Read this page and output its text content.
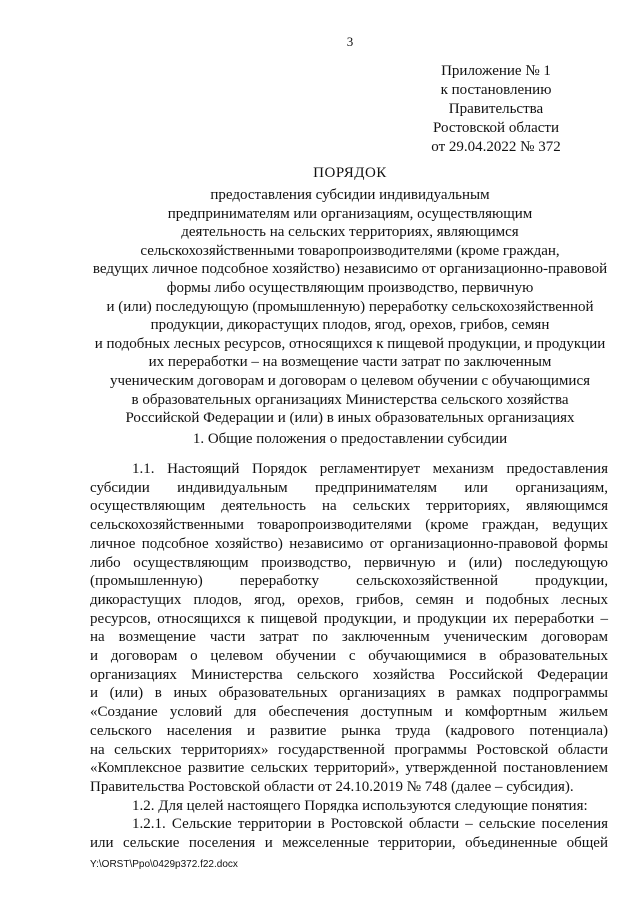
3
Приложение № 1
к постановлению
Правительства
Ростовской области
от 29.04.2022 № 372
ПОРЯДОК
предоставления субсидии индивидуальным
предпринимателям или организациям, осуществляющим
деятельность на сельских территориях, являющимся
сельскохозяйственными товаропроизводителями (кроме граждан,
ведущих личное подсобное хозяйство) независимо от организационно-правовой
формы либо осуществляющим производство, первичную
и (или) последующую (промышленную) переработку сельскохозяйственной
продукции, дикорастущих плодов, ягод, орехов, грибов, семян
и подобных лесных ресурсов, относящихся к пищевой продукции, и продукции
их переработки – на возмещение части затрат по заключенным
ученическим договорам и договорам о целевом обучении с обучающимися
в образовательных организациях Министерства сельского хозяйства
Российской Федерации и (или) в иных образовательных организациях
1. Общие положения о предоставлении субсидии
1.1. Настоящий Порядок регламентирует механизм предоставления
субсидии индивидуальным предпринимателям или организациям,
осуществляющим деятельность на сельских территориях, являющимся
сельскохозяйственными товаропроизводителями (кроме граждан, ведущих
личное подсобное хозяйство) независимо от организационно-правовой формы
либо осуществляющим производство, первичную и (или) последующую
(промышленную) переработку сельскохозяйственной продукции,
дикорастущих плодов, ягод, орехов, грибов, семян и подобных лесных
ресурсов, относящихся к пищевой продукции, и продукции их переработки –
на возмещение части затрат по заключенным ученическим договорам
и договорам о целевом обучении с обучающимися в образовательных
организациях Министерства сельского хозяйства Российской Федерации
и (или) в иных образовательных организациях в рамках подпрограммы
«Создание условий для обеспечения доступным и комфортным жильем
сельского населения и развитие рынка труда (кадрового потенциала)
на сельских территориях» государственной программы Ростовской области
«Комплексное развитие сельских территорий», утвержденной постановлением
Правительства Ростовской области от 24.10.2019 № 748 (далее – субсидия).
1.2. Для целей настоящего Порядка используются следующие понятия:
1.2.1. Сельские территории в Ростовской области – сельские поселения
или сельские поселения и межселенные территории, объединенные общей
Y:\ORST\Ppo\0429p372.f22.docx
